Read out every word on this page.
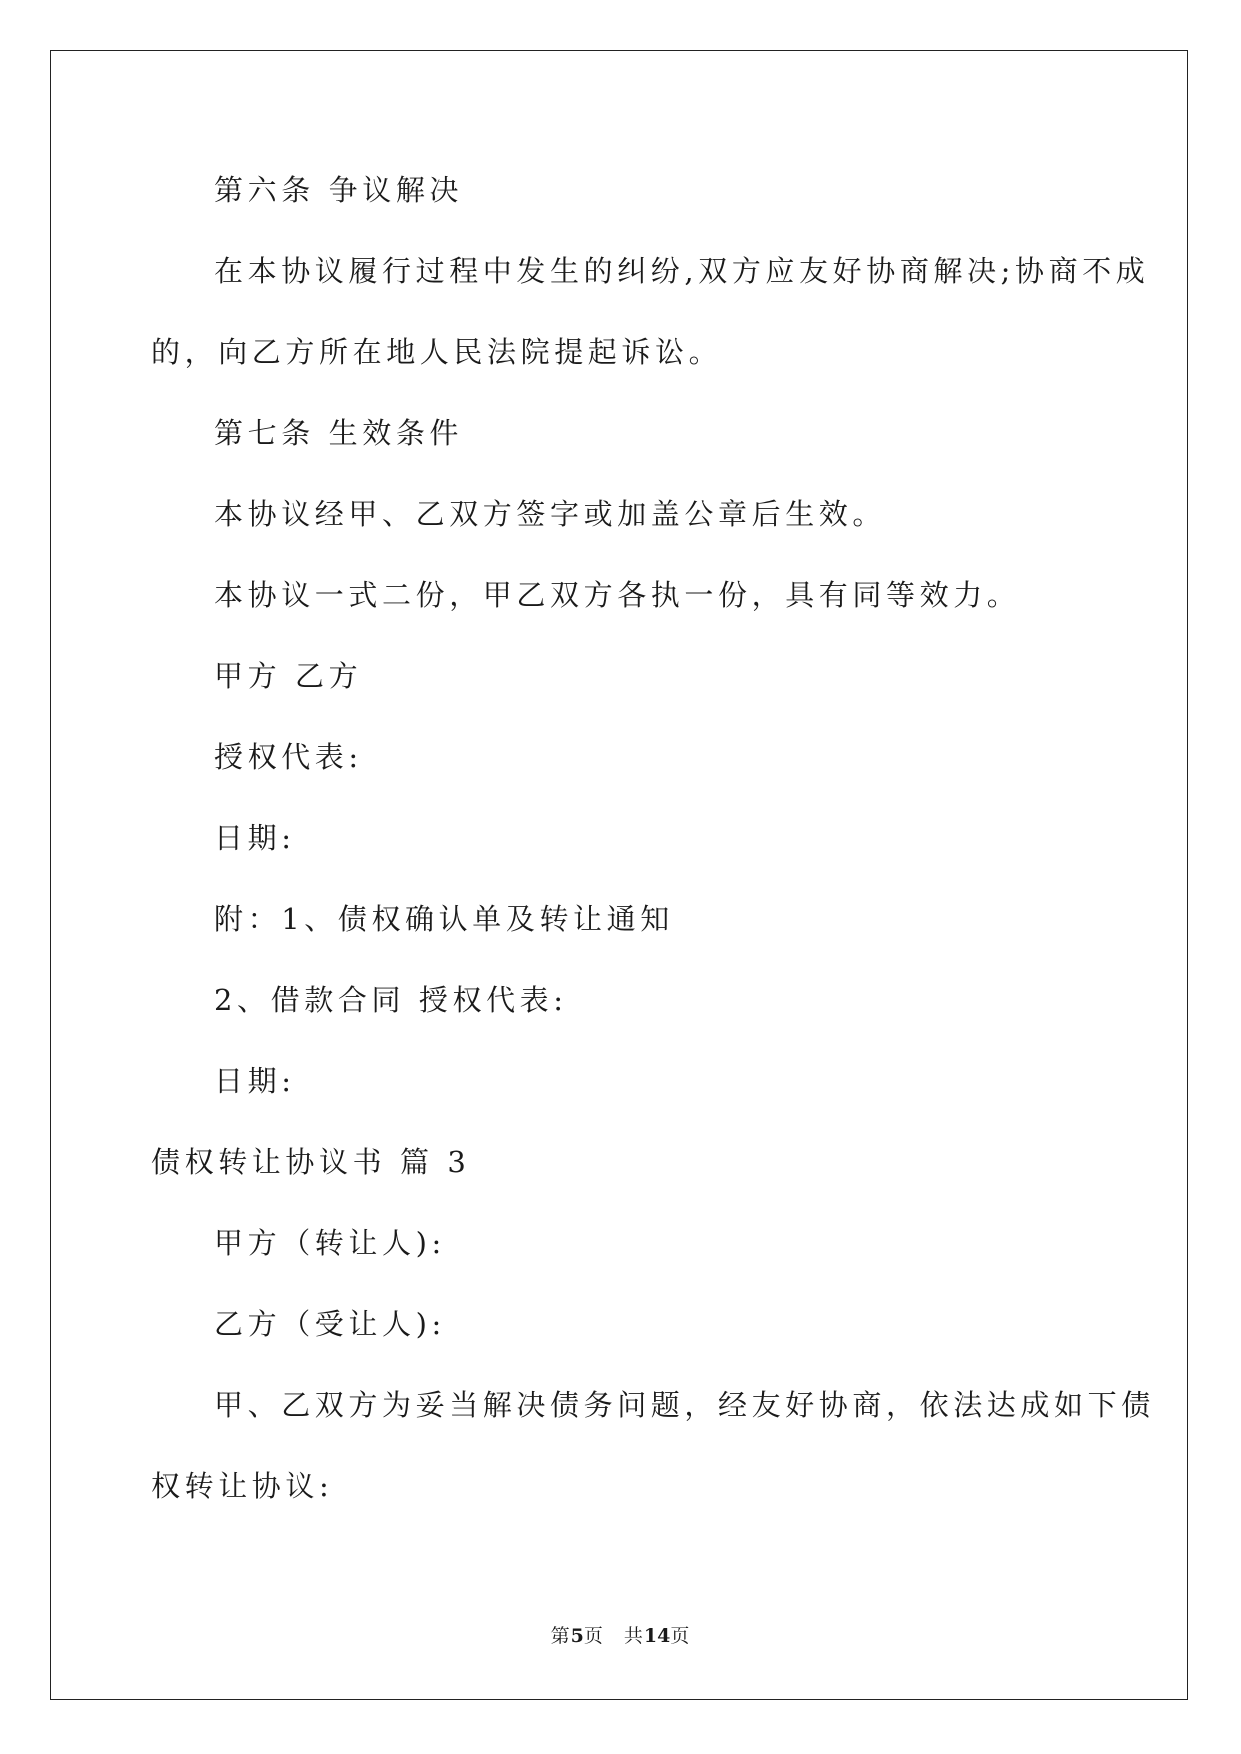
第六条 争议解决
在本协议履行过程中发生的纠纷,双方应友好协商解决;协商不成
的，向乙方所在地人民法院提起诉讼。
第七条 生效条件
本协议经甲、乙双方签字或加盖公章后生效。
本协议一式二份，甲乙双方各执一份，具有同等效力。
甲方 乙方
授权代表:
日期:
附：1、债权确认单及转让通知
2、借款合同 授权代表:
日期:
债权转让协议书 篇 3
甲方（转让人):
乙方（受让人):
甲、乙双方为妥当解决债务问题，经友好协商，依法达成如下债
权转让协议:
第5页　共14页
